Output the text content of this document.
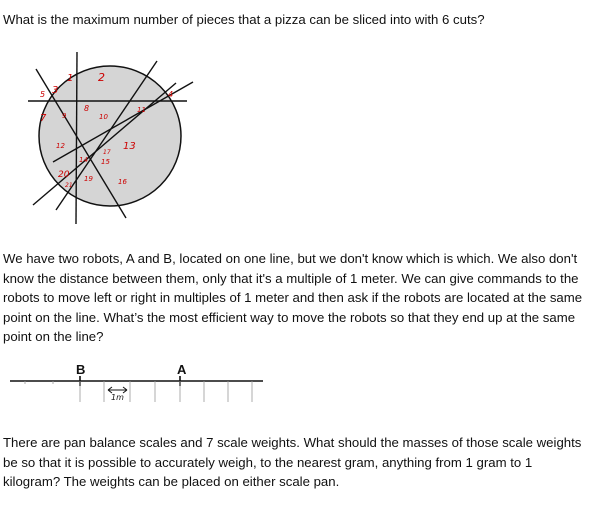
What is the maximum number of pieces that a pizza can be sliced into with 6 cuts?

1 2
3
5
7
4
8
9	10
11
12	13
14 15
16
17
19
20
21
B	A
1m

We have two robots, A and B, located on one line, but we don't know which is which. We also don't know the distance between them, only that it's a multiple of 1 meter. We can give commands to the robots to move left or right in multiples of 1 meter and then ask if the robots are located at the same point on the line. What’s the most efficient way to move the robots so that they end up at the same point on the line?

There are pan balance scales and 7 scale weights. What should the masses of those scale weights be so that it is possible to accurately weigh, to the nearest gram, anything from 1 gram to 1 kilogram? The weights can be placed on either scale pan.
